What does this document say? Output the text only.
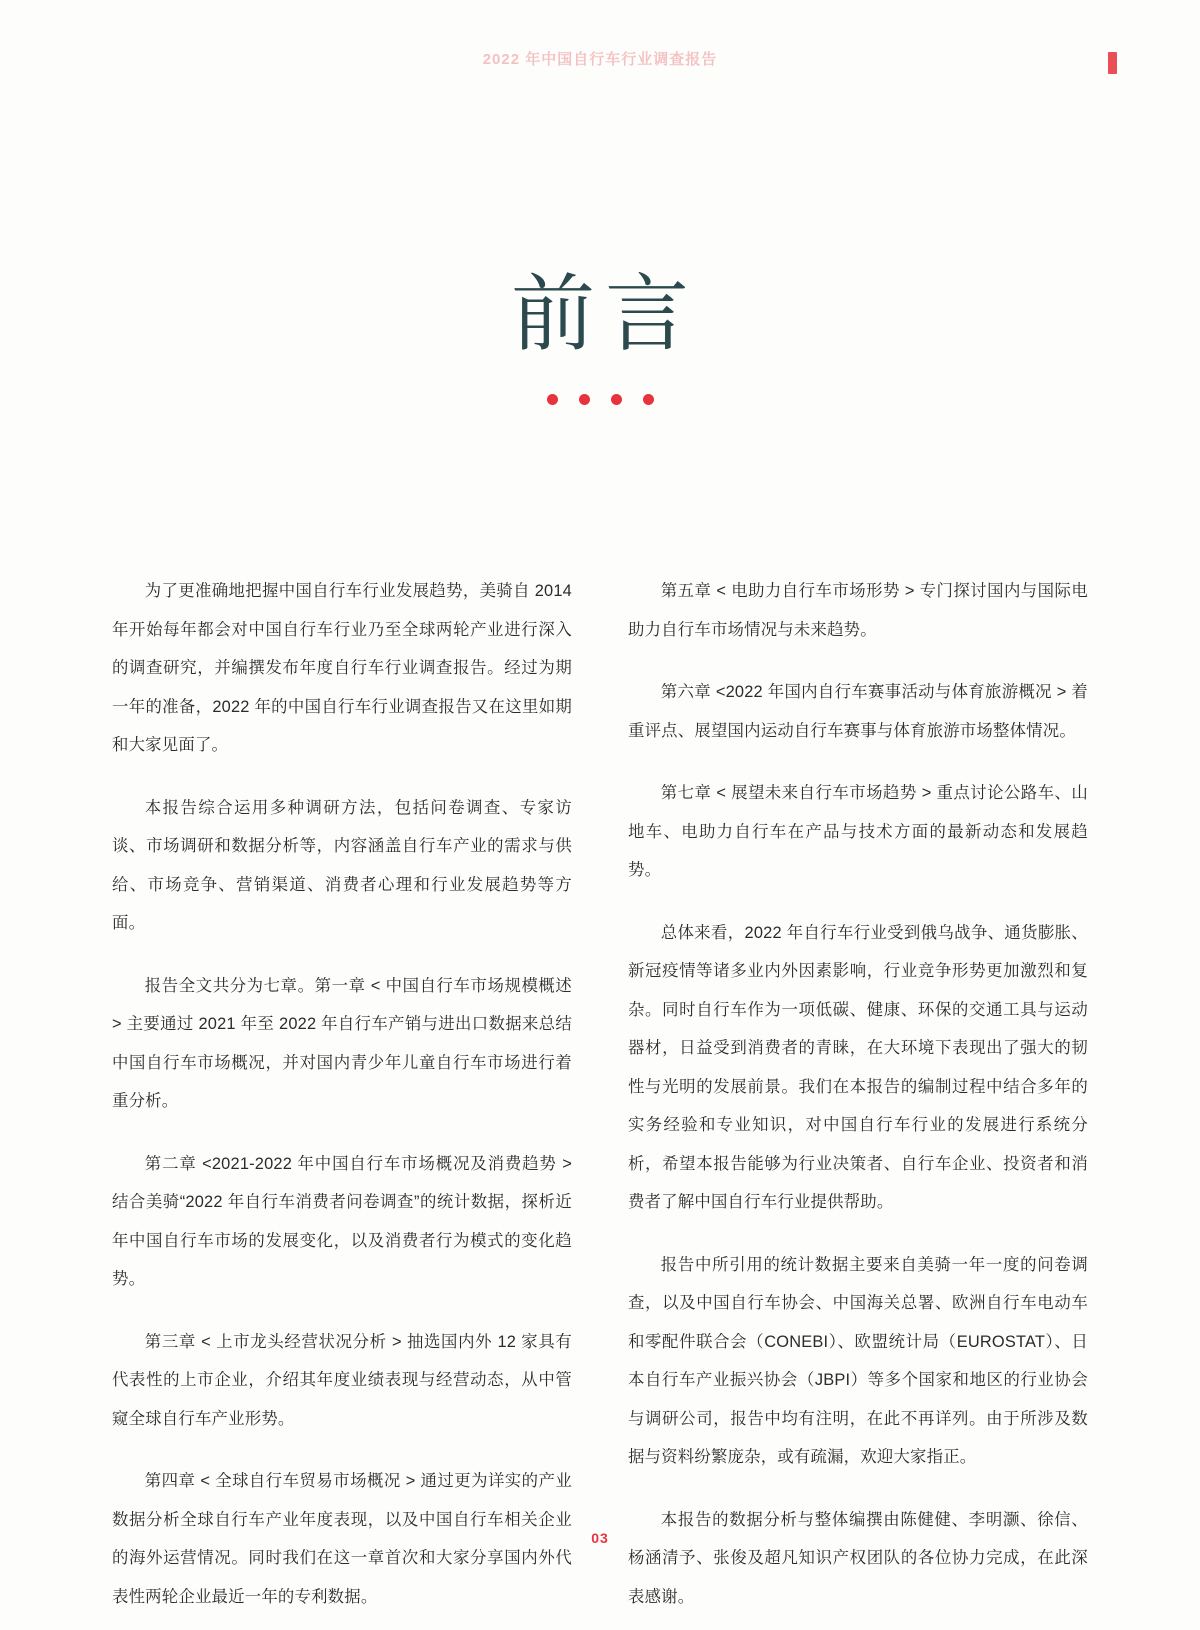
2022 年中国自行车行业调查报告
前言

为了更准确地把握中国自行车行业发展趋势，美骑自 2014 年开始每年都会对中国自行车行业乃至全球两轮产业进行深入的调查研究，并编撰发布年度自行车行业调查报告。经过为期一年的准备，2022 年的中国自行车行业调查报告又在这里如期和大家见面了。

本报告综合运用多种调研方法，包括问卷调查、专家访谈、市场调研和数据分析等，内容涵盖自行车产业的需求与供给、市场竞争、营销渠道、消费者心理和行业发展趋势等方面。

报告全文共分为七章。第一章 < 中国自行车市场规模概述 > 主要通过 2021 年至 2022 年自行车产销与进出口数据来总结中国自行车市场概况，并对国内青少年儿童自行车市场进行着重分析。

第二章 <2021-2022 年中国自行车市场概况及消费趋势 > 结合美骑“2022 年自行车消费者问卷调查”的统计数据，探析近年中国自行车市场的发展变化，以及消费者行为模式的变化趋势。

第三章 < 上市龙头经营状况分析 > 抽选国内外 12 家具有代表性的上市企业，介绍其年度业绩表现与经营动态，从中管窥全球自行车产业形势。

第四章 < 全球自行车贸易市场概况 > 通过更为详实的产业数据分析全球自行车产业年度表现，以及中国自行车相关企业的海外运营情况。同时我们在这一章首次和大家分享国内外代表性两轮企业最近一年的专利数据。

第五章 < 电助力自行车市场形势 > 专门探讨国内与国际电助力自行车市场情况与未来趋势。

第六章 <2022 年国内自行车赛事活动与体育旅游概况 > 着重评点、展望国内运动自行车赛事与体育旅游市场整体情况。

第七章 < 展望未来自行车市场趋势 > 重点讨论公路车、山地车、电助力自行车在产品与技术方面的最新动态和发展趋势。

总体来看，2022 年自行车行业受到俄乌战争、通货膨胀、新冠疫情等诸多业内外因素影响，行业竞争形势更加激烈和复杂。同时自行车作为一项低碳、健康、环保的交通工具与运动器材，日益受到消费者的青睐，在大环境下表现出了强大的韧性与光明的发展前景。我们在本报告的编制过程中结合多年的实务经验和专业知识，对中国自行车行业的发展进行系统分析，希望本报告能够为行业决策者、自行车企业、投资者和消费者了解中国自行车行业提供帮助。

报告中所引用的统计数据主要来自美骑一年一度的问卷调查，以及中国自行车协会、中国海关总署、欧洲自行车电动车和零配件联合会（CONEBI）、欧盟统计局（EUROSTAT）、日本自行车产业振兴协会（JBPI）等多个国家和地区的行业协会与调研公司，报告中均有注明，在此不再详列。由于所涉及数据与资料纷繁庞杂，或有疏漏，欢迎大家指正。

本报告的数据分析与整体编撰由陈健健、李明灏、徐信、杨涵清予、张俊及超凡知识产权团队的各位协力完成，在此深表感谢。

03
